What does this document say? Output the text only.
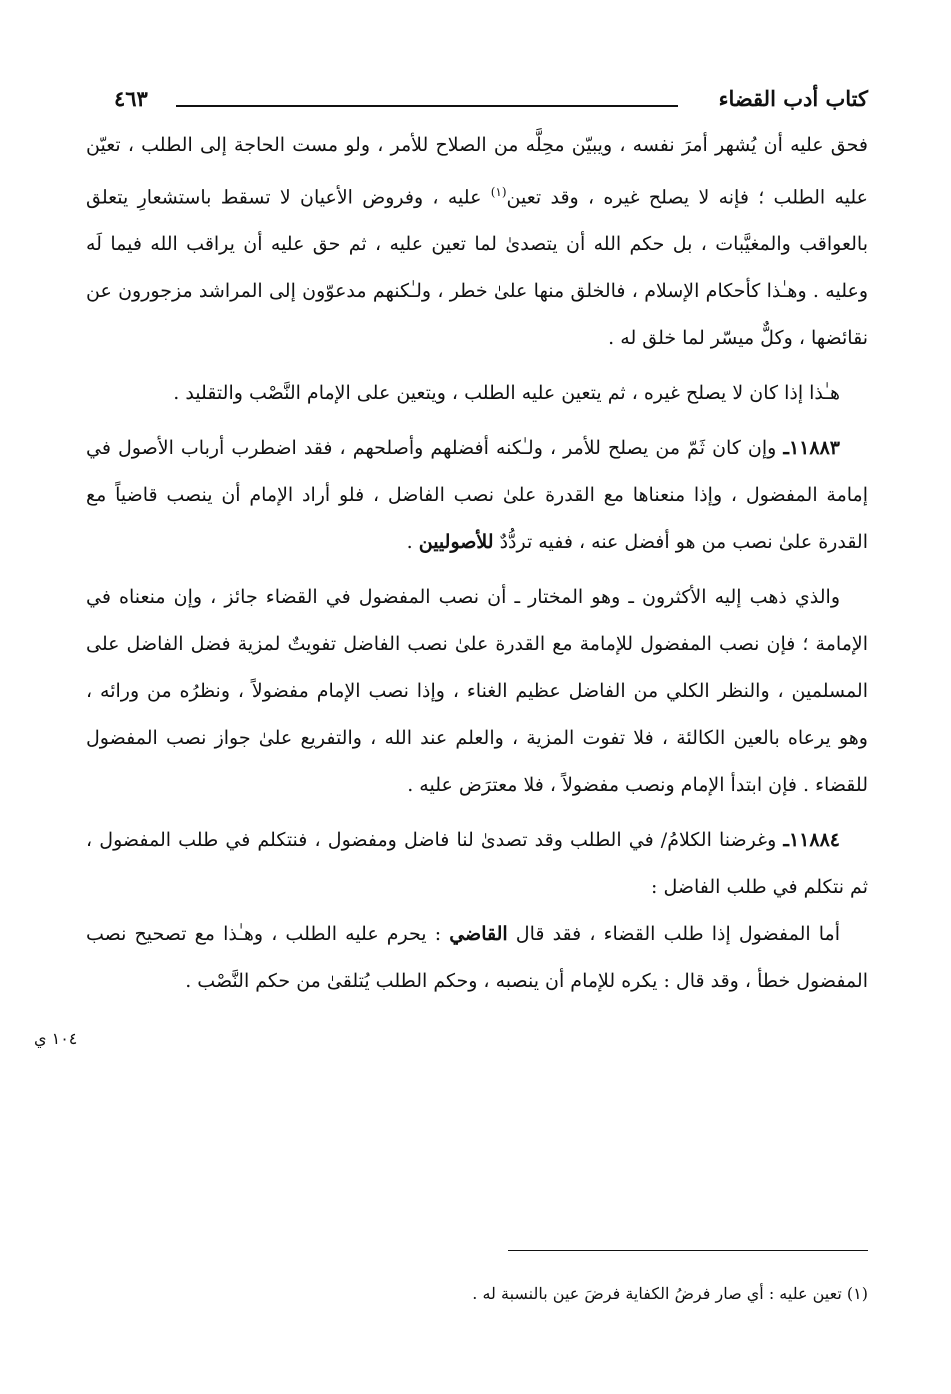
كتاب أدب القضاء
٤٦٣

فحق عليه أن يُشهر أمرَ نفسه ، ويبيّن محِلَّه من الصلاح للأمر ، ولو مست الحاجة إلى الطلب ، تعيّن عليه الطلب ؛ فإنه لا يصلح غيره ، وقد تعين$^{(١)}$ عليه ، وفروض الأعيان لا تسقط باستشعارِ يتعلق بالعواقب والمغيَّبات ، بل حكم الله أن يتصدىٰ لما تعين عليه ، ثم حق عليه أن يراقب الله فيما لَه وعليه . وهـٰذا كأحكام الإسلام ، فالخلق منها علىٰ خطر ، ولـٰكنهم مدعوّون إلى المراشد مزجورون عن نقائضها ، وكلٌّ ميسّر لما خلق له .

هـٰذا إذا كان لا يصلح غيره ، ثم يتعين عليه الطلب ، ويتعين على الإمام النَّصْب والتقليد .

١١٨٨٣ـ وإن كان ثَمّ من يصلح للأمر ، ولـٰكنه أفضلهم وأصلحهم ، فقد اضطرب أرباب الأصول في إمامة المفضول ، وإذا منعناها مع القدرة علىٰ نصب الفاضل ، فلو أراد الإمام أن ينصب قاضياً مع القدرة علىٰ نصب من هو أفضل عنه ، ففيه تردُّدٌ للأصوليين .

والذي ذهب إليه الأكثرون ـ وهو المختار ـ أن نصب المفضول في القضاء جائز ، وإن منعناه في الإمامة ؛ فإن نصب المفضول للإمامة مع القدرة علىٰ نصب الفاضل تفويتٌ لمزية فضل الفاضل على المسلمين ، والنظر الكلي من الفاضل عظيم الغناء ، وإذا نصب الإمام مفضولاً ، ونظرُه من ورائه ، وهو يرعاه بالعين الكالئة ، فلا تفوت المزية ، والعلم عند الله ، والتفريع علىٰ جواز نصب المفضول للقضاء . فإن ابتدأ الإمام ونصب مفضولاً ، فلا معترَض عليه .

١١٨٨٤ـ وغرضنا الكلامُ/ في الطلب وقد تصدىٰ لنا فاضل ومفضول ، فنتكلم في طلب المفضول ، ثم نتكلم في طلب الفاضل :

أما المفضول إذا طلب القضاء ، فقد قال القاضي : يحرم عليه الطلب ، وهـٰذا مع تصحيح نصب المفضول خطأ ، وقد قال : يكره للإمام أن ينصبه ، وحكم الطلب يُتلقىٰ من حكم النَّصْب .

١٠٤ ي
(١) تعين عليه : أي صار فرضُ الكفاية فرضَ عين بالنسبة له .
